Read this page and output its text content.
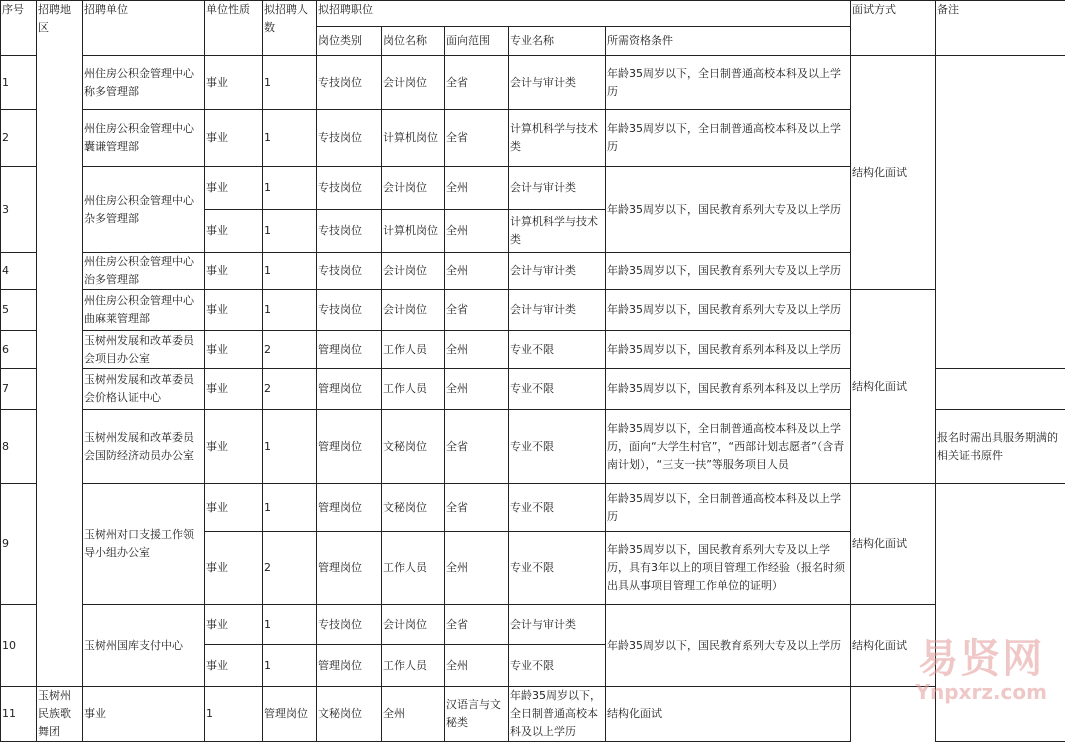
序号	招聘地区	招聘单位	单位性质	拟招聘人数	拟招聘职位					面试方式	备注
					岗位类别	岗位名称	面向范围	专业名称	所需资格条件		
1		州住房公积金管理中心称多管理部	事业	1	专技岗位	会计岗位	全省	会计与审计类	年龄35周岁以下，全日制普通高校本科及以上学历	结构化面试	
2		州住房公积金管理中心囊谦管理部	事业	1	专技岗位	计算机岗位	全省	计算机科学与技术类	年龄35周岁以下，全日制普通高校本科及以上学历		
3		州住房公积金管理中心杂多管理部	事业	1	专技岗位	会计岗位	全州	会计与审计类	年龄35周岁以下，国民教育系列大专及以上学历		
			事业	1	专技岗位	计算机岗位	全州	计算机科学与技术类			
4		州住房公积金管理中心治多管理部	事业	1	专技岗位	会计岗位	全州	会计与审计类	年龄35周岁以下，国民教育系列大专及以上学历		
5		州住房公积金管理中心曲麻莱管理部	事业	1	专技岗位	会计岗位	全省	会计与审计类	年龄35周岁以下，国民教育系列大专及以上学历	结构化面试	
6		玉树州发展和改革委员会项目办公室	事业	2	管理岗位	工作人员	全州	专业不限	年龄35周岁以下，国民教育系列本科及以上学历		
7		玉树州发展和改革委员会价格认证中心	事业	2	管理岗位	工作人员	全州	专业不限	年龄35周岁以下，国民教育系列本科及以上学历		
8		玉树州发展和改革委员会国防经济动员办公室	事业	1	管理岗位	文秘岗位	全省	专业不限	年龄35周岁以下，全日制普通高校本科及以上学历，面向“大学生村官”，“西部计划志愿者”（含青南计划），“三支一扶”等服务项目人员		报名时需出具服务期满的相关证书原件
9		玉树州对口支援工作领导小组办公室	事业	1	管理岗位	文秘岗位	全省	专业不限	年龄35周岁以下，全日制普通高校本科及以上学历	结构化面试	
			事业	2	管理岗位	工作人员	全州	专业不限	年龄35周岁以下，国民教育系列大专及以上学历，具有3年以上的项目管理工作经验（报名时须出具从事项目管理工作单位的证明）		
10		玉树州国库支付中心	事业	1	专技岗位	会计岗位	全省	会计与审计类	年龄35周岁以下，国民教育系列大专及以上学历	结构化面试	
			事业	1	管理岗位	工作人员	全州	专业不限			
11	玉树州民族歌舞团	事业	1	管理岗位	文秘岗位	全州	汉语言与文秘类	年龄35周岁以下，全日制普通高校本科及以上学历	结构化面试		
易贤网
Ynpxrz.com
